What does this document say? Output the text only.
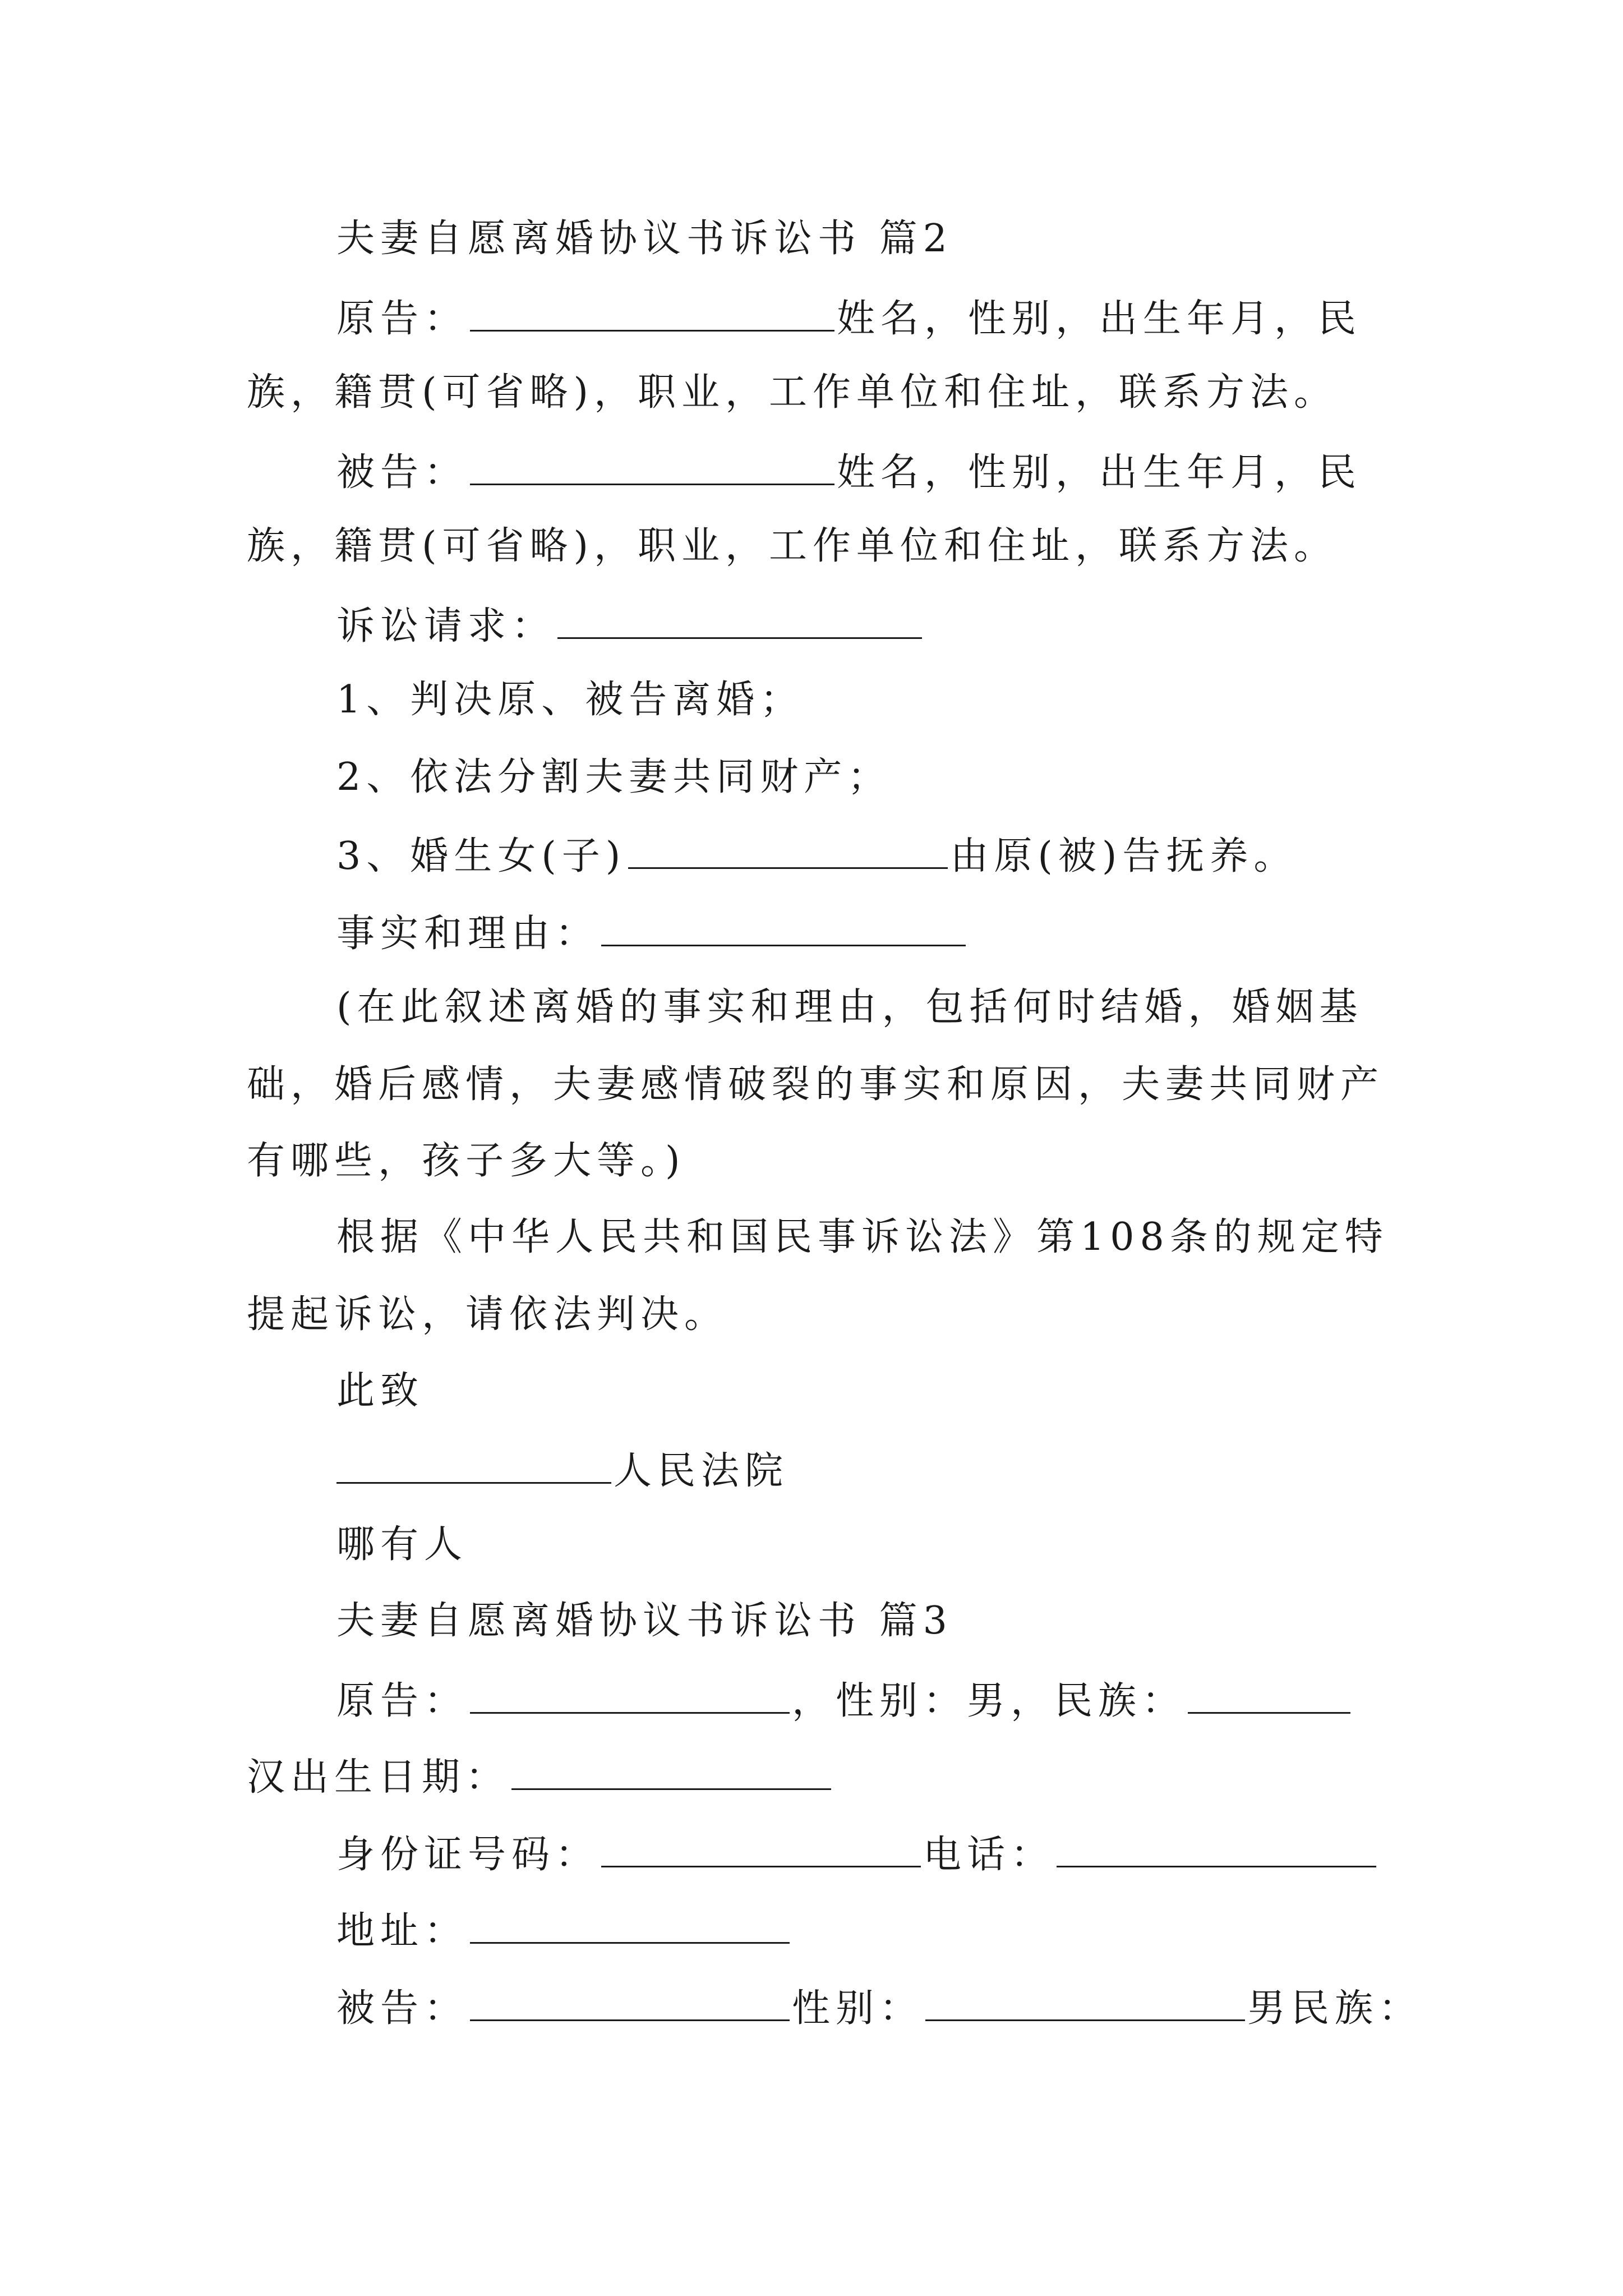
夫妻自愿离婚协议书诉讼书 篇2
原告：	姓名，性别，出生年月，民
族，籍贯(可省略)，职业，工作单位和住址，联系方法。
被告：	姓名，性别，出生年月，民
族，籍贯(可省略)，职业，工作单位和住址，联系方法。
诉讼请求：
1、判决原、被告离婚；
2、依法分割夫妻共同财产；
3、婚生女(子)	由原(被)告抚养。
事实和理由：
(在此叙述离婚的事实和理由，包括何时结婚，婚姻基
础，婚后感情，夫妻感情破裂的事实和原因，夫妻共同财产
有哪些，孩子多大等。)
根据《中华人民共和国民事诉讼法》第108条的规定特
提起诉讼，请依法判决。
此致
人民法院
哪有人
夫妻自愿离婚协议书诉讼书 篇3
原告：	，性别：男，民族：
汉出生日期：
身份证号码：	电话：
地址：
被告：	性别：	男民族：
